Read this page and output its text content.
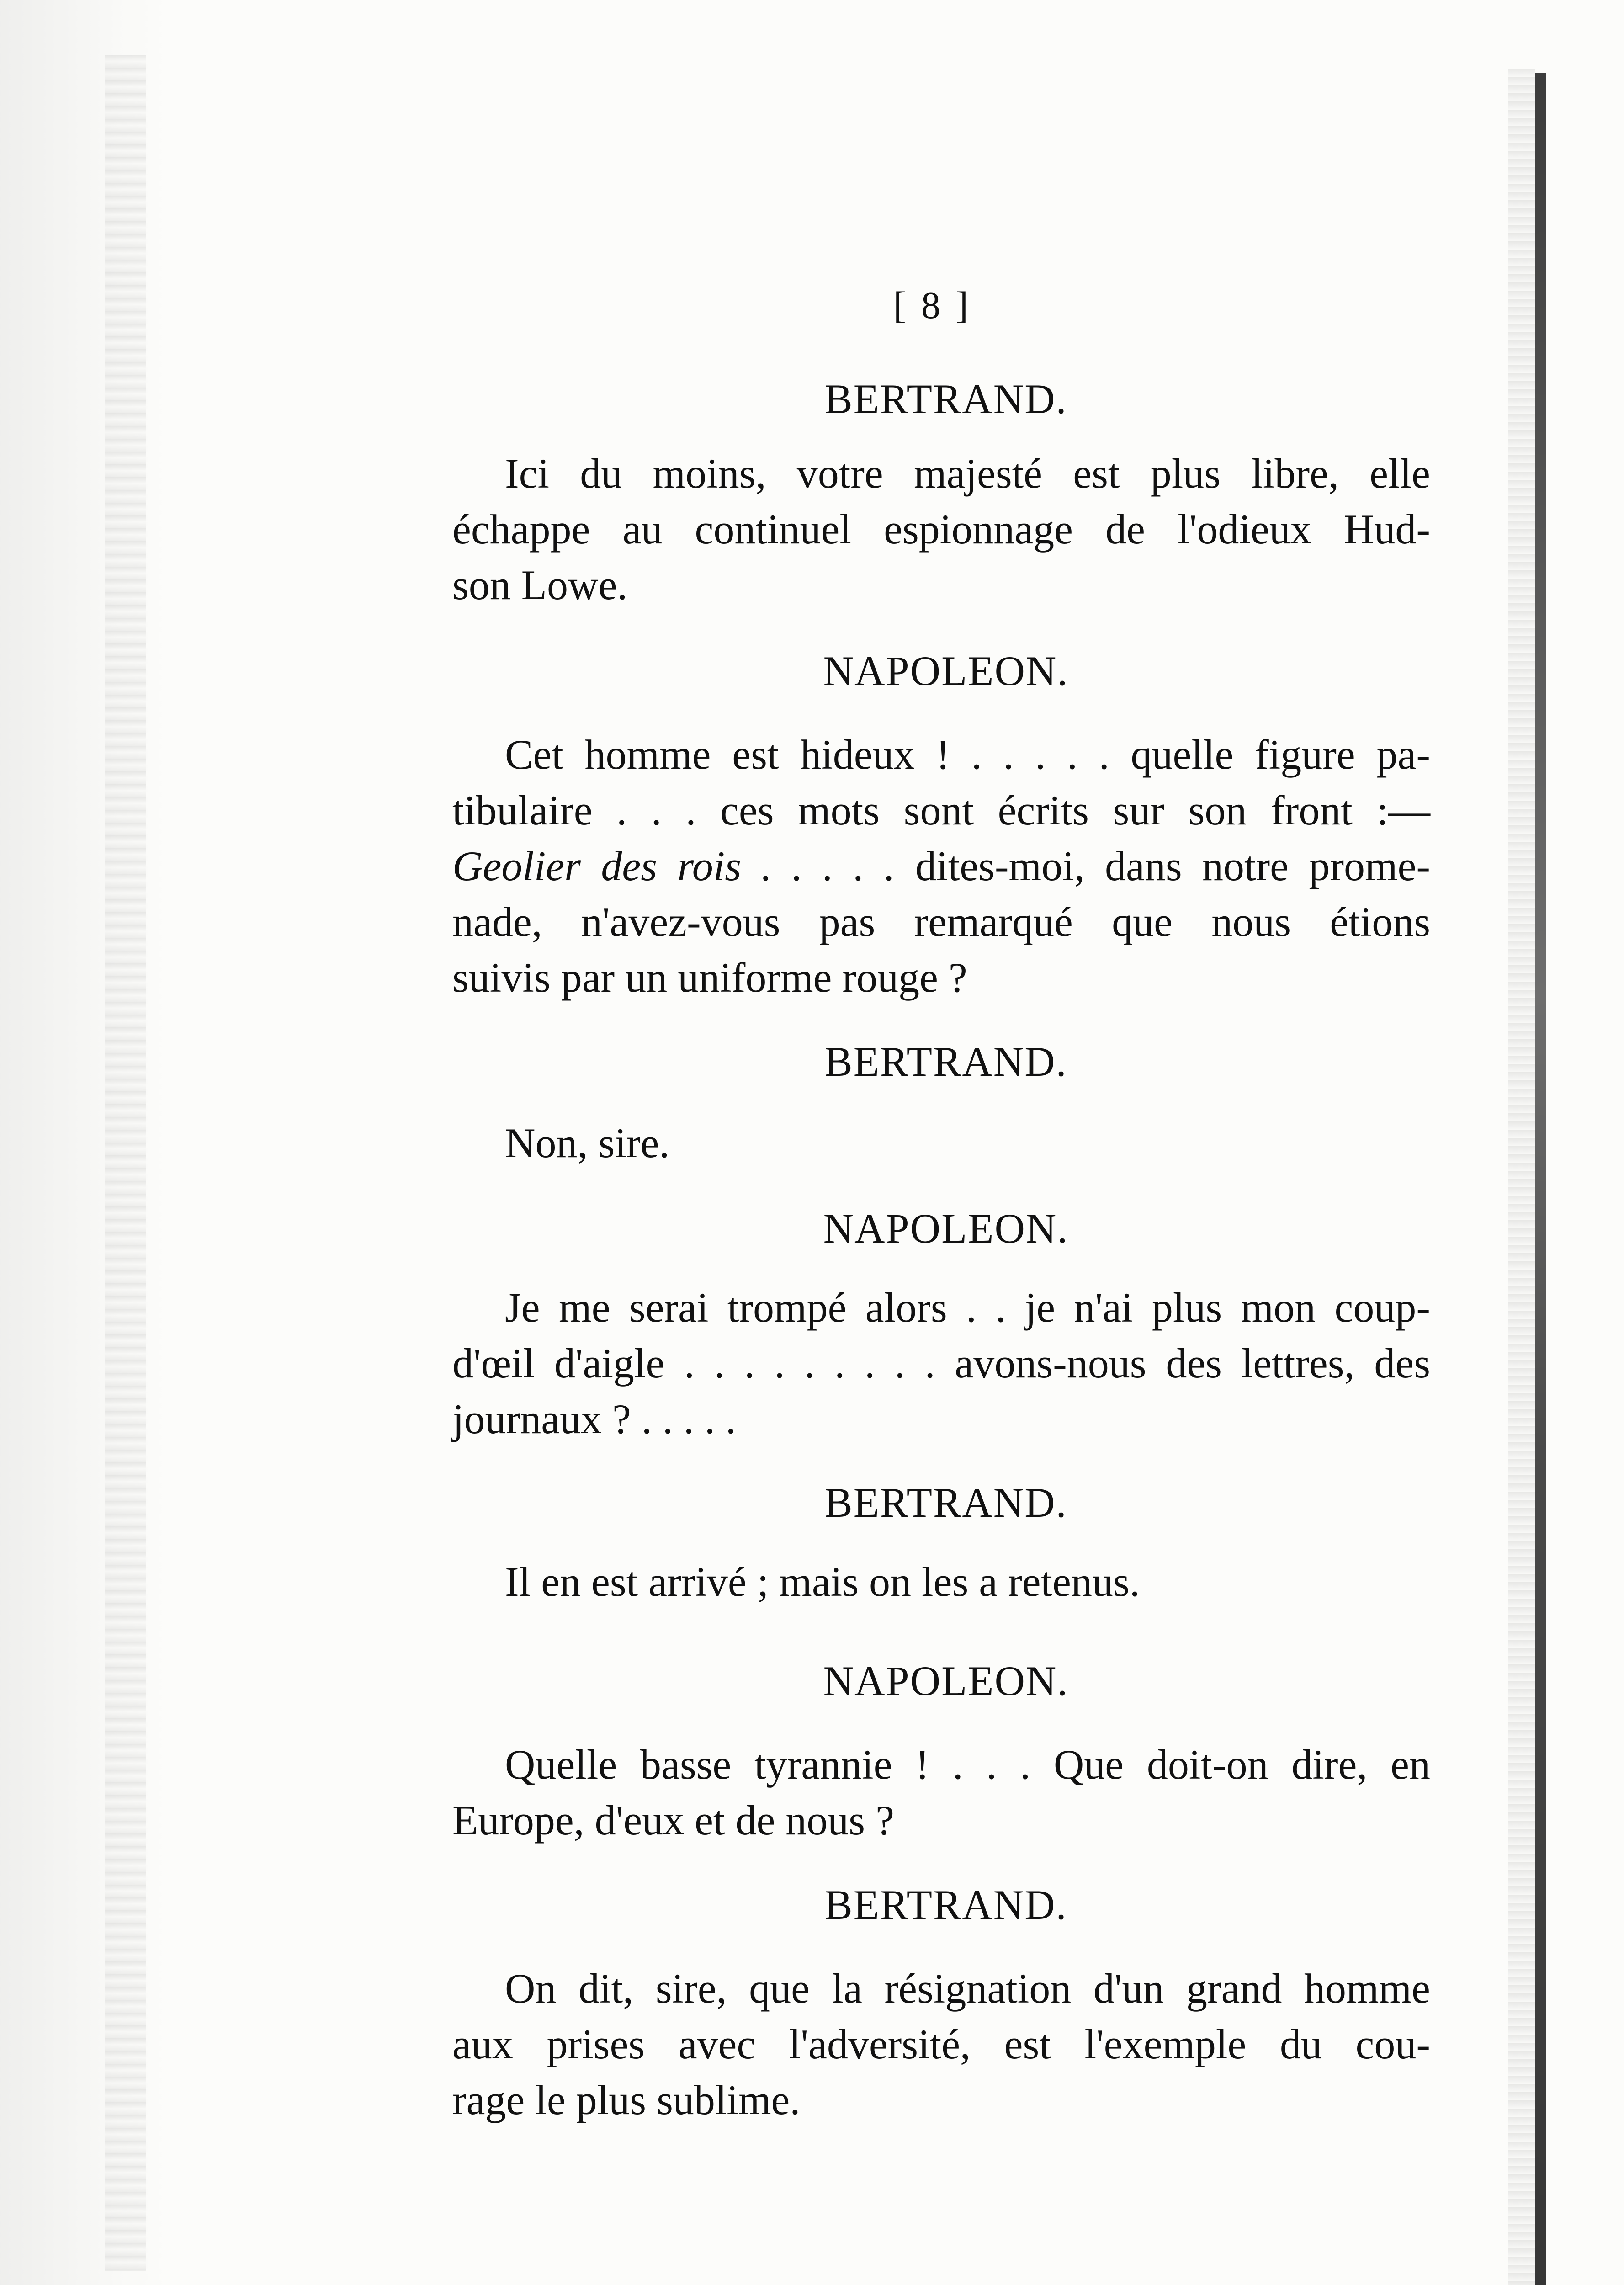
[ 8 ]
BERTRAND.
Ici du moins, votre majesté est plus libre, elle
échappe au continuel espionnage de l'odieux Hud-
son Lowe.
NAPOLEON.
Cet homme est hideux ! . . . . . quelle figure pa-
tibulaire . . . ces mots sont écrits sur son front :—
Geolier des rois . . . . . dites-moi, dans notre prome-
nade, n'avez-vous pas remarqué que nous étions
suivis par un uniforme rouge ?
BERTRAND.
Non, sire.
NAPOLEON.
Je me serai trompé alors . . je n'ai plus mon coup-
d'œil d'aigle . . . . . . . . . avons-nous des lettres, des
journaux ? . . . . .
BERTRAND.
Il en est arrivé ; mais on les a retenus.
NAPOLEON.
Quelle basse tyrannie ! . . . Que doit-on dire, en
Europe, d'eux et de nous ?
BERTRAND.
On dit, sire, que la résignation d'un grand homme
aux prises avec l'adversité, est l'exemple du cou-
rage le plus sublime.
